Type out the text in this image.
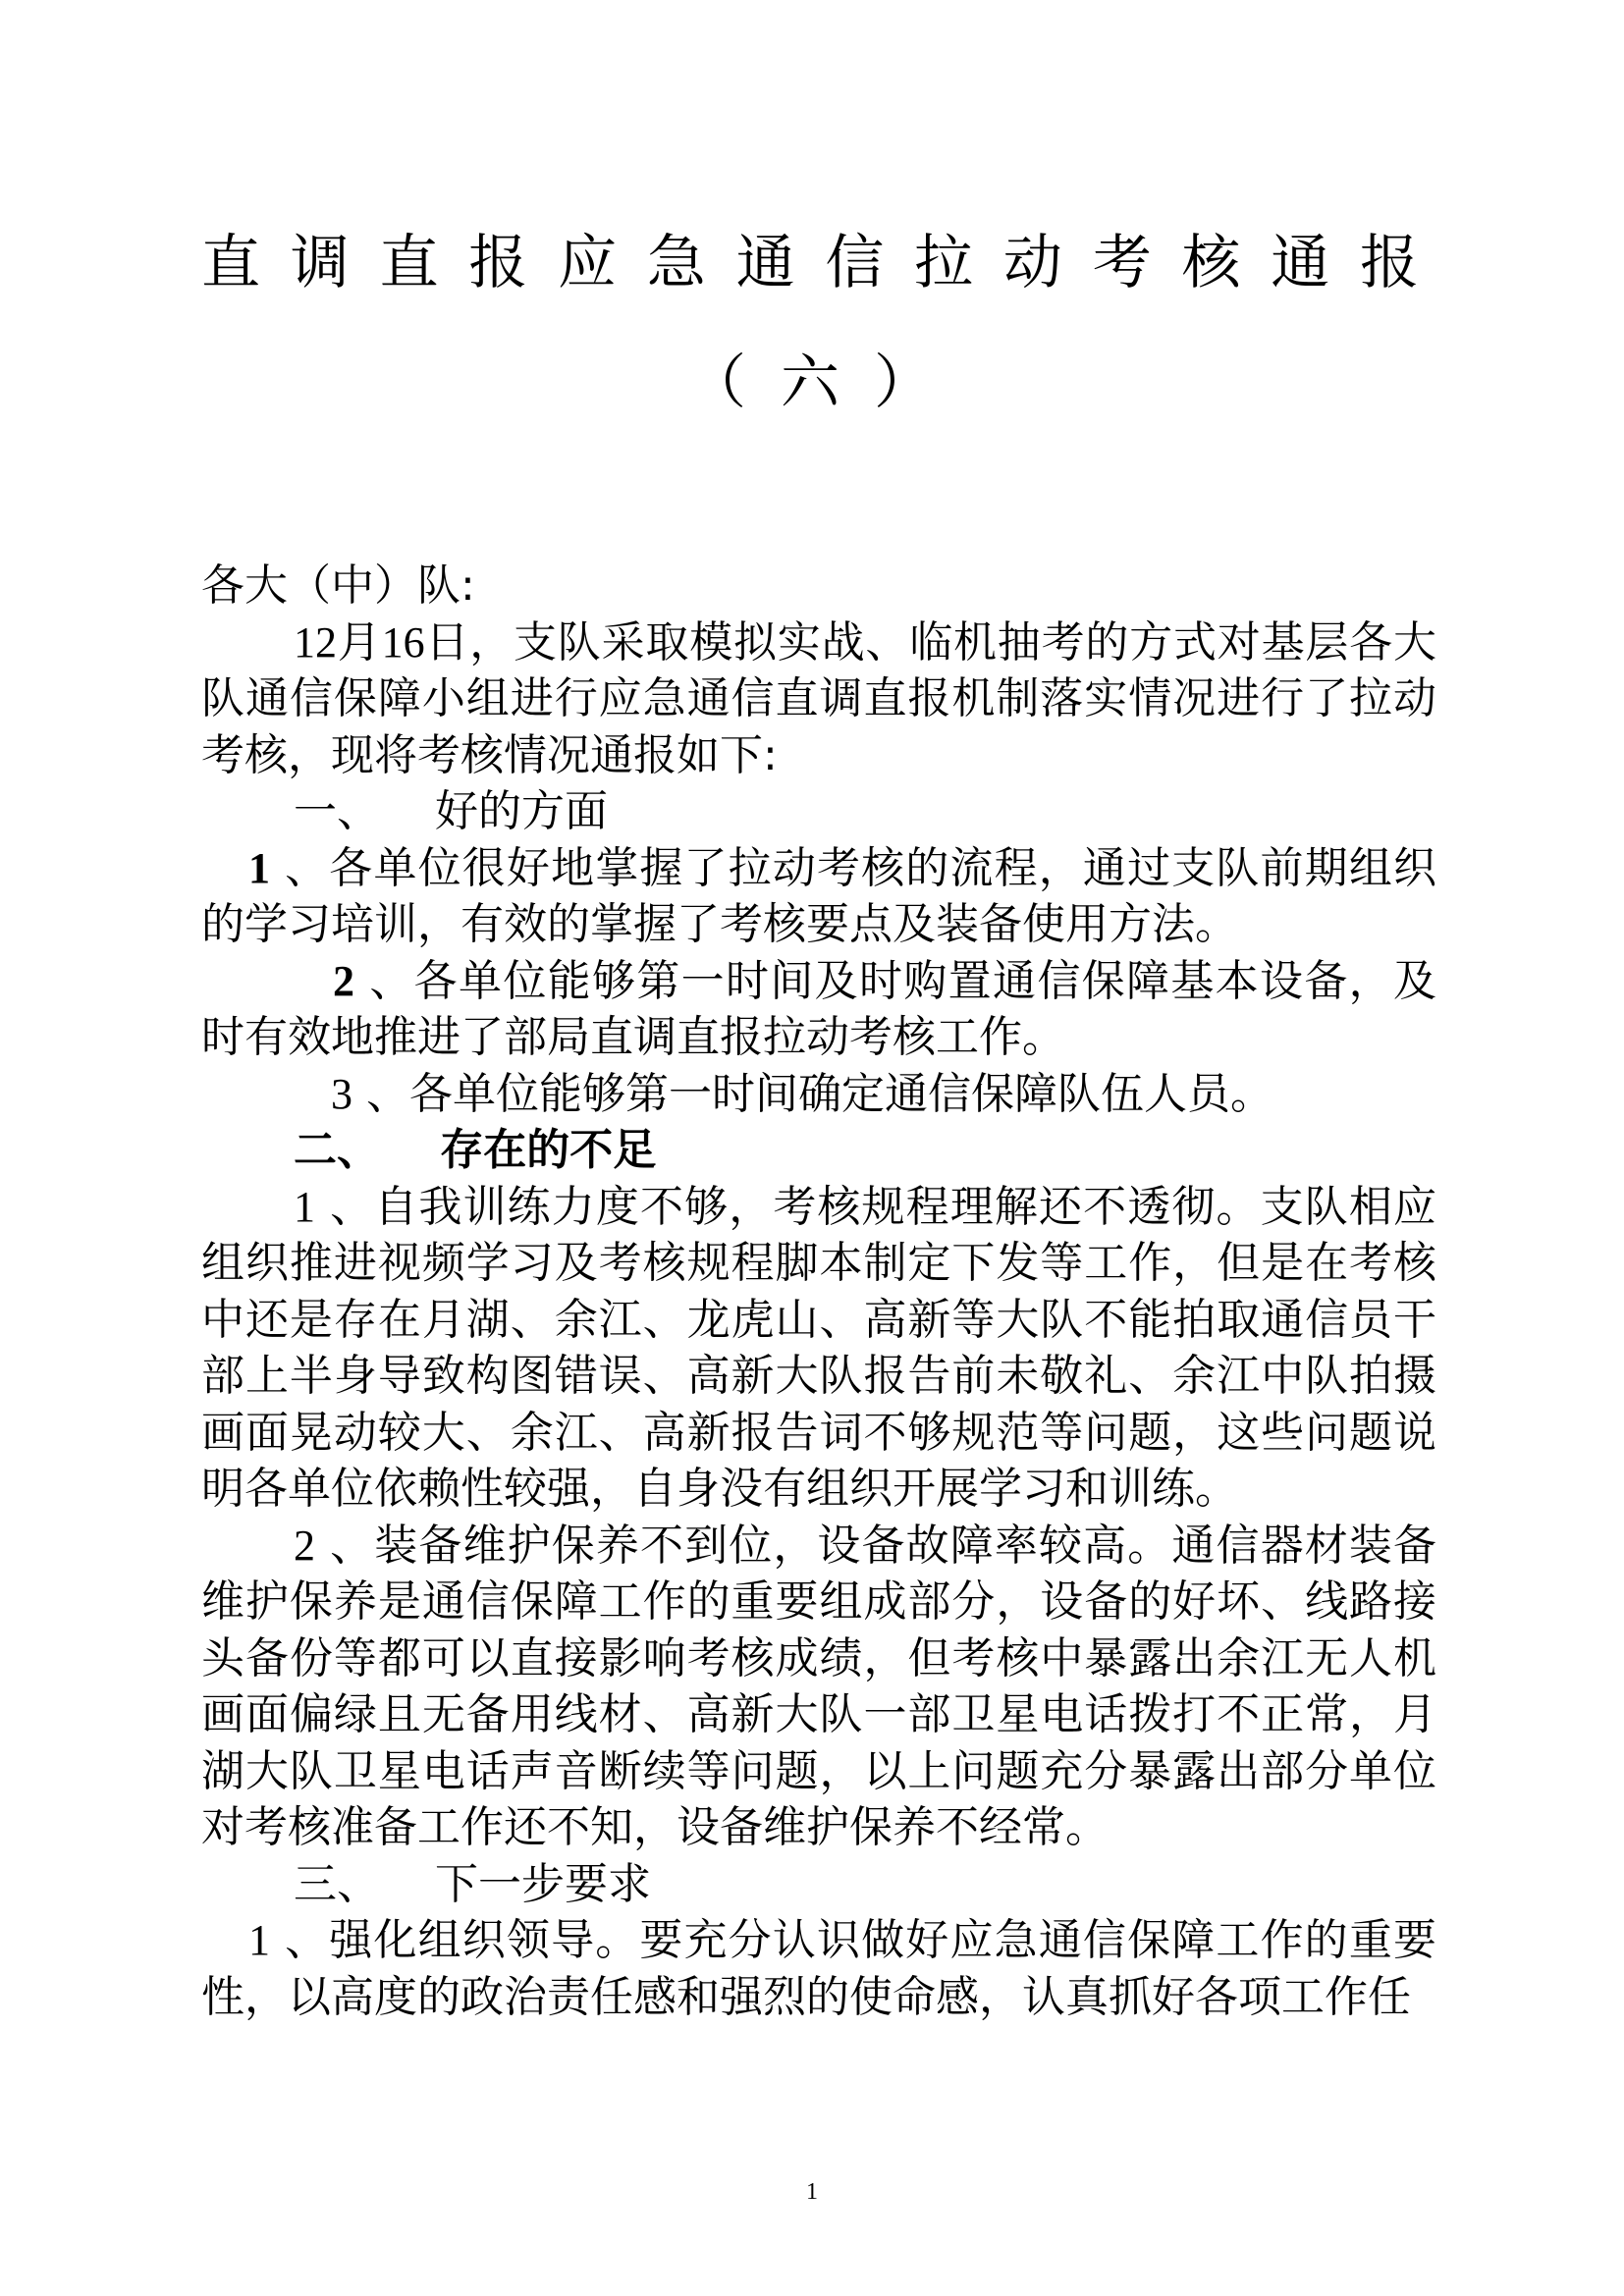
直调直报应急通信拉动考核通报
（六）

各大（中）队:

12月16日，支队采取模拟实战、临机抽考的方式对基层各大队通信保障小组进行应急通信直调直报机制落实情况进行了拉动考核，现将考核情况通报如下:

一、 好的方面

1 、各单位很好地掌握了拉动考核的流程，通过支队前期组织的学习培训，有效的掌握了考核要点及装备使用方法。

2 、各单位能够第一时间及时购置通信保障基本设备，及时有效地推进了部局直调直报拉动考核工作。

3 、各单位能够第一时间确定通信保障队伍人员。

二、 存在的不足

1 、自我训练力度不够，考核规程理解还不透彻。支队相应组织推进视频学习及考核规程脚本制定下发等工作，但是在考核中还是存在月湖、余江、龙虎山、高新等大队不能拍取通信员干部上半身导致构图错误、高新大队报告前未敬礼、余江中队拍摄画面晃动较大、余江、高新报告词不够规范等问题，这些问题说明各单位依赖性较强，自身没有组织开展学习和训练。

2 、装备维护保养不到位，设备故障率较高。通信器材装备维护保养是通信保障工作的重要组成部分，设备的好坏、线路接头备份等都可以直接影响考核成绩，但考核中暴露出余江无人机画面偏绿且无备用线材、高新大队一部卫星电话拨打不正常，月湖大队卫星电话声音断续等问题，以上问题充分暴露出部分单位对考核准备工作还不知，设备维护保养不经常。

三、 下一步要求

1 、强化组织领导。要充分认识做好应急通信保障工作的重要性，以高度的政治责任感和强烈的使命感，认真抓好各项工作任

1
